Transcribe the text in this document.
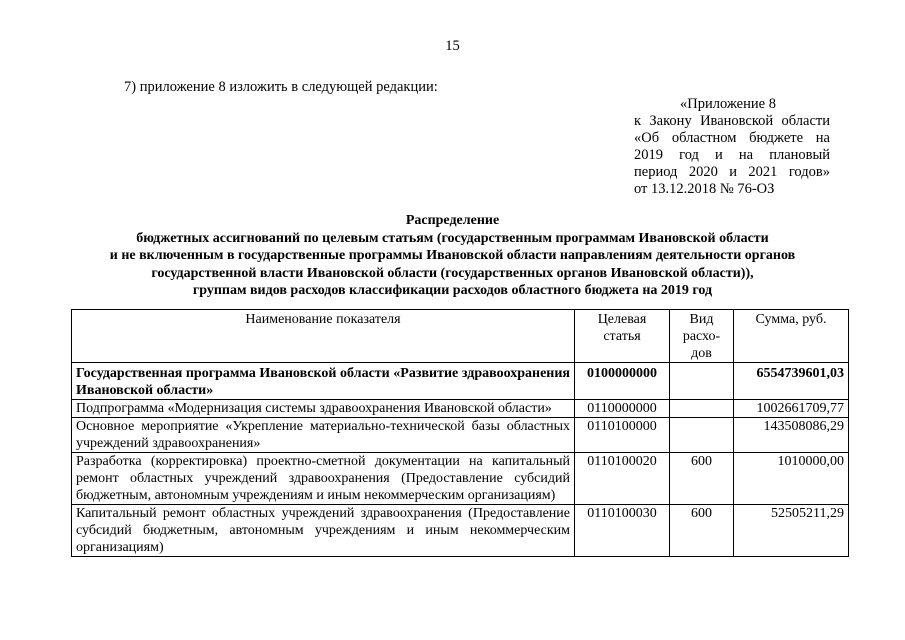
15
7) приложение 8 изложить в следующей редакции:
«Приложение 8
к Закону Ивановской области
«Об областном бюджете на
2019 год и на плановый
период 2020 и 2021 годов»
от 13.12.2018 № 76-ОЗ
Распределение
бюджетных ассигнований по целевым статьям (государственным программам Ивановской области
и не включенным в государственные программы Ивановской области направлениям деятельности органов
государственной власти Ивановской области (государственных органов Ивановской области)),
группам видов расходов классификации расходов областного бюджета на 2019 год
Наименование показателя	Целевая статья	Вид расхо-дов	Сумма, руб.
Государственная программа Ивановской области «Развитие здравоохранения Ивановской области»	0100000000		6554739601,03
Подпрограмма «Модернизация системы здравоохранения Ивановской области»	0110000000		1002661709,77
Основное мероприятие «Укрепление материально-технической базы областных учреждений здравоохранения»	0110100000		143508086,29
Разработка (корректировка) проектно-сметной документации на капитальный ремонт областных учреждений здравоохранения (Предоставление субсидий бюджетным, автономным учреждениям и иным некоммерческим организациям)	0110100020	600	1010000,00
Капитальный ремонт областных учреждений здравоохранения (Предоставление субсидий бюджетным, автономным учреждениям и иным некоммерческим организациям)	0110100030	600	52505211,29
